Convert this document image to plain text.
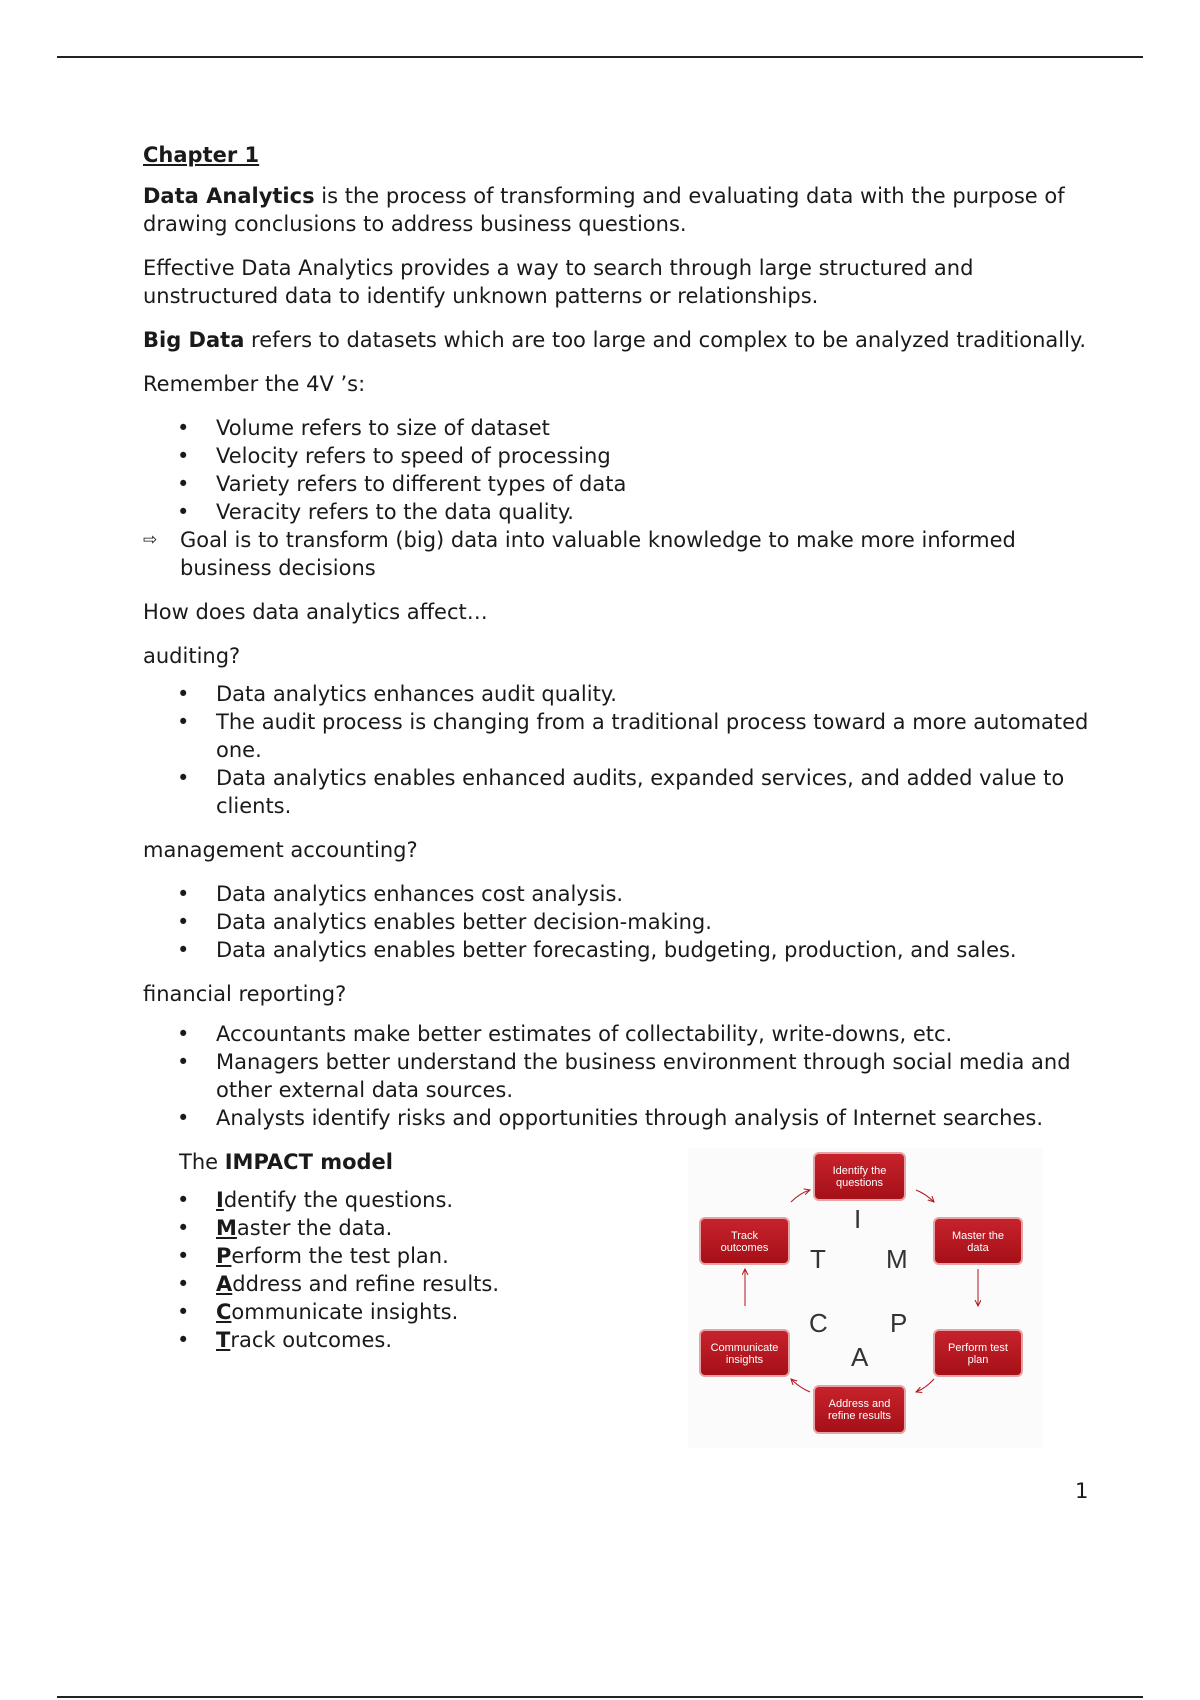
Chapter 1

Data Analytics is the process of transforming and evaluating data with the purpose of drawing conclusions to address business questions.

Effective Data Analytics provides a way to search through large structured and unstructured data to identify unknown patterns or relationships.

Big Data refers to datasets which are too large and complex to be analyzed traditionally.

Remember the 4V ’s:

• Volume refers to size of dataset
• Velocity refers to speed of processing
• Variety refers to different types of data
• Veracity refers to the data quality.
⇨ Goal is to transform (big) data into valuable knowledge to make more informed business decisions

How does data analytics affect…

auditing?

• Data analytics enhances audit quality.
• The audit process is changing from a traditional process toward a more automated one.
• Data analytics enables enhanced audits, expanded services, and added value to clients.

management accounting?

• Data analytics enhances cost analysis.
• Data analytics enables better decision-making.
• Data analytics enables better forecasting, budgeting, production, and sales.

financial reporting?

• Accountants make better estimates of collectability, write-downs, etc.
• Managers better understand the business environment through social media and other external data sources.
• Analysts identify risks and opportunities through analysis of Internet searches.

The IMPACT model

• Identify the questions.
• Master the data.
• Perform the test plan.
• Address and refine results.
• Communicate insights.
• Track outcomes.
Identify the
questions
Master the
data
Perform test
plan
Address and
refine results
Communicate
insights
Track
outcomes
I
M
T
C P
A
1
